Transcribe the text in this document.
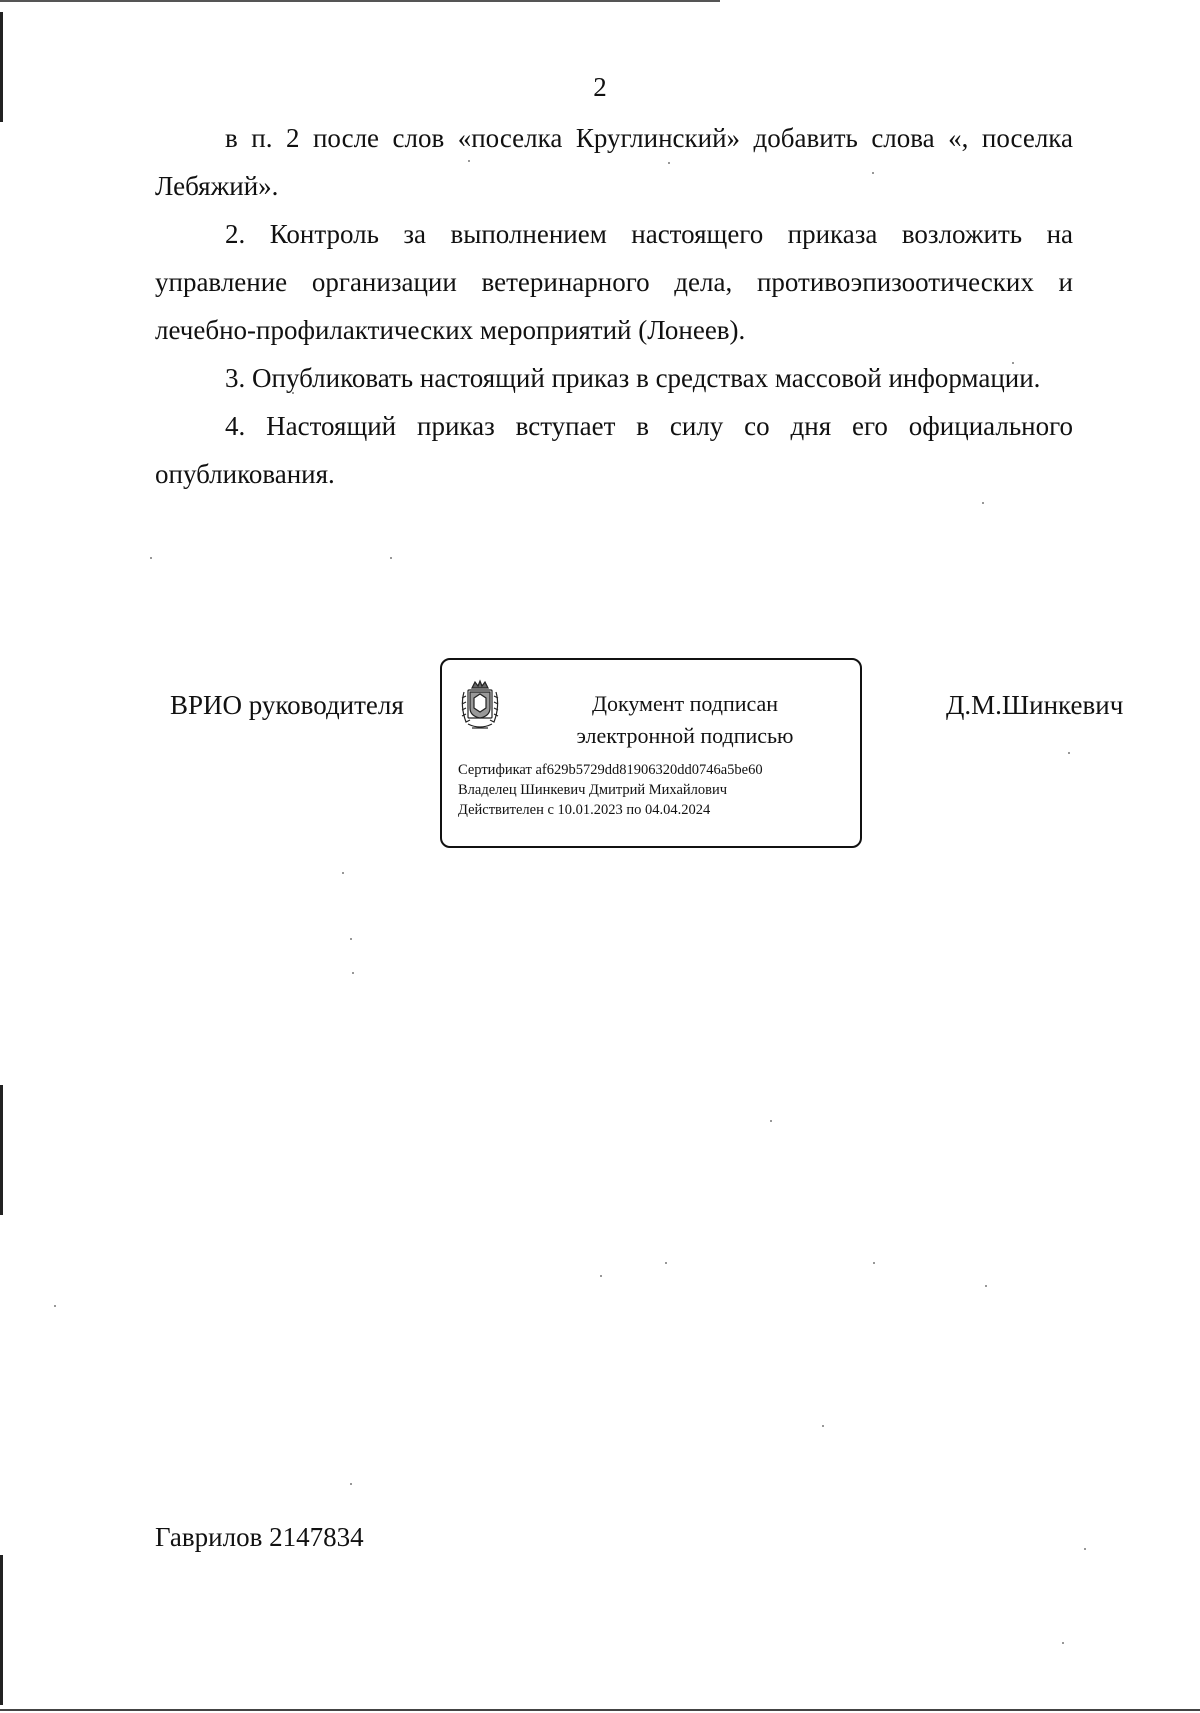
2

в п. 2 после слов «поселка Круглинский» добавить слова «, поселка Лебяжий».

2. Контроль за выполнением настоящего приказа возложить на управление организации ветеринарного дела, противоэпизоотических и лечебно-профилактических мероприятий (Лонеев).

3. Опубликовать настоящий приказ в средствах массовой информации.

4. Настоящий приказ вступает в силу со дня его официального опубликования.

ВРИО руководителя	Документ подписан
электронной подписью
Сертификат af629b5729dd81906320dd0746a5be60
Владелец Шинкевич Дмитрий Михайлович
Действителен с 10.01.2023 по 04.04.2024
Д.М.Шинкевич
Гаврилов 2147834
